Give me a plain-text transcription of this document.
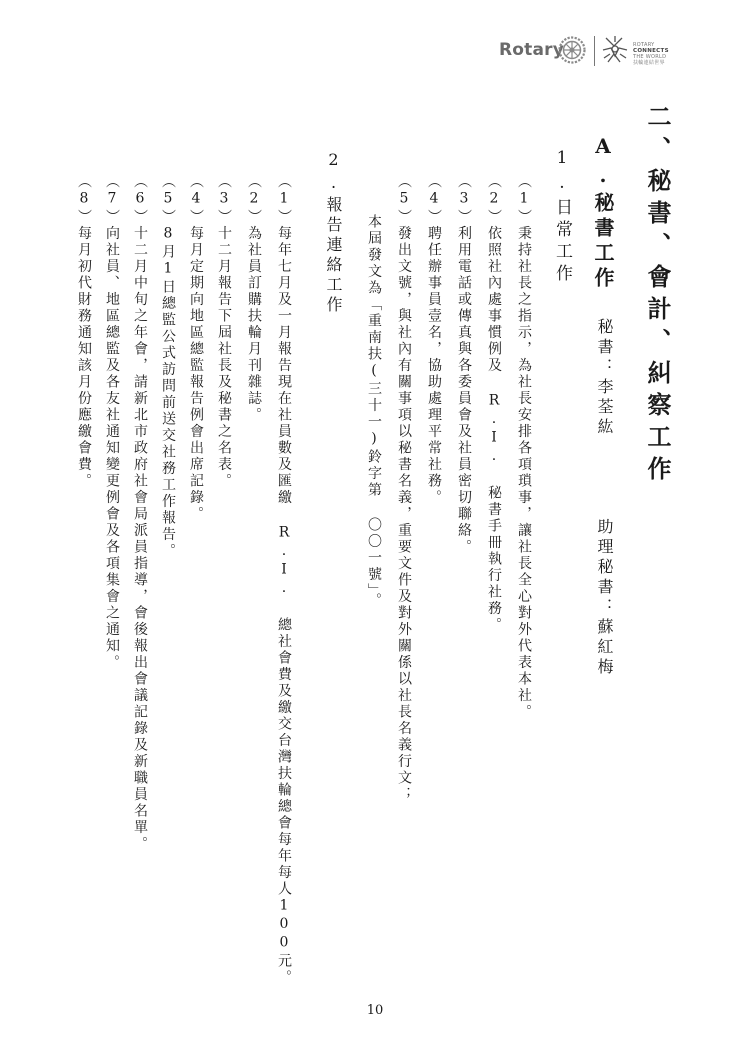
Rotary	ROTARY
CONNECTS
THE WORLD
扶輪連結世界
二、秘書、會計、糾察工作
A.秘書工作
秘書：李荃紘
助理秘書：蘇紅梅
1.日常工作
（1）秉持社長之指示，為社長安排各項瑣事，讓社長全心對外代表本社。
（2）依照社內處事慣例及 R.I. 秘書手冊執行社務。
（3）利用電話或傳真與各委員會及社員密切聯絡。
（4）聘任辦事員壹名，協助處理平常社務。
（5）發出文號，與社內有關事項以秘書名義，重要文件及對外關係以社長名義行文；
本屆發文為「重南扶(三十一)鈴字第 〇〇一號」。
2.報告連絡工作
（1）每年七月及一月報告現在社員數及匯繳 R.I. 總社會費及繳交台灣扶輪總會每年每人100元。
（2）為社員訂購扶輪月刊雜誌。
（3）十二月報告下屆社長及秘書之名表。
（4）每月定期向地區總監報告例會出席記錄。
（5）8月1日總監公式訪問前送交社務工作報告。
（6）十二月中旬之年會，請新北市政府社會局派員指導，會後報出會議記錄及新職員名單。
（7）向社員、地區總監及各友社通知變更例會及各項集會之通知。
（8）每月初代財務通知該月份應繳會費。
10
